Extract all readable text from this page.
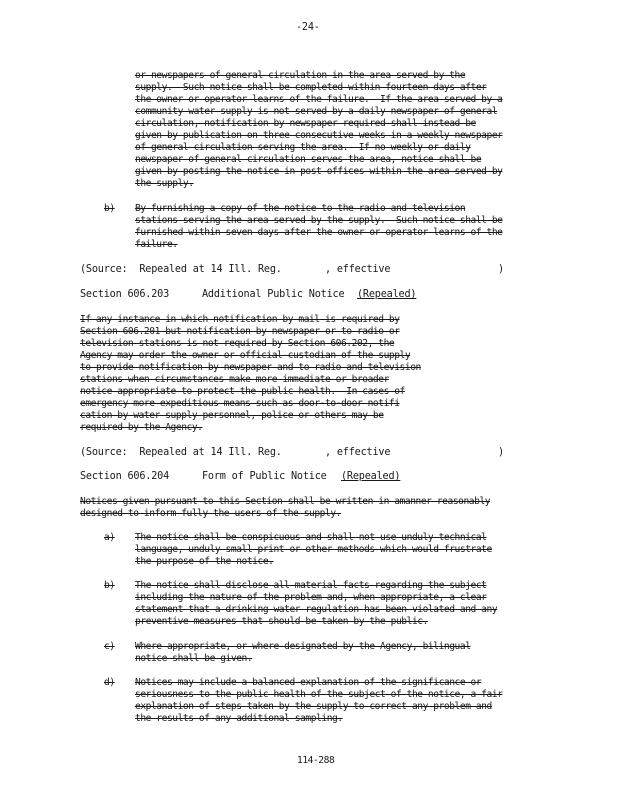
-24-
or newspapers of general circulation in the area served by the
supply.  Such notice shall be completed within fourteen days after
the owner or operator learns of the failure.  If the area served by a
community water supply is not served by a daily newspaper of general
circulation, notification by newspaper required shall instead be
given by publication on three consecutive weeks in a weekly newspaper
of general circulation serving the area.  If no weekly or daily
newspaper of general circulation serves the area, notice shall be
given by posting the notice in post offices within the area served by
the supply.
b) By furnishing a copy of the notice to the radio and television
stations serving the area served by the supply.  Such notice shall be
furnished within seven days after the owner or operator learns of the
failure.
(Source:  Repealed at 14 Ill. Reg.	, effective	)
Section 606.203	Additional Public Notice (Repealed)
If any instance in which notification by mail is required by
Section 606.201 but notification by newspaper or to radio or
television stations is not required by Section 606.202, the
Agency may order the owner or official custodian of the supply
to provide notification by newspaper and to radio and television
stations when circumstances make more immediate or broader
notice appropriate to protect the public health.  In cases of
emergency more expeditious means such as door-to-door notifi
cation by water supply personnel, police or others may be
required by the Agency.
(Source:  Repealed at 14 Ill. Reg.	, effective	)
Section 606.204	Form of Public Notice (Repealed)
Notices given pursuant to this Section shall be written in amanner reasonably
designed to inform fully the users of the supply.
a) The notice shall be conspicuous and shall not use unduly technical
language, unduly small print or other methods which would frustrate
the purpose of the notice.
b) The notice shall disclose all material facts regarding the subject
including the nature of the problem and, when appropriate, a clear
statement that a drinking water regulation has been violated and any
preventive measures that should be taken by the public.
c) Where appropriate, or where designated by the Agency, bilingual
notice shall be given.
d) Notices may include a balanced explanation of the significance or
seriousness to the public health of the subject of the notice, a fair
explanation of steps taken by the supply to correct any problem and
the results of any additional sampling.
114-288
